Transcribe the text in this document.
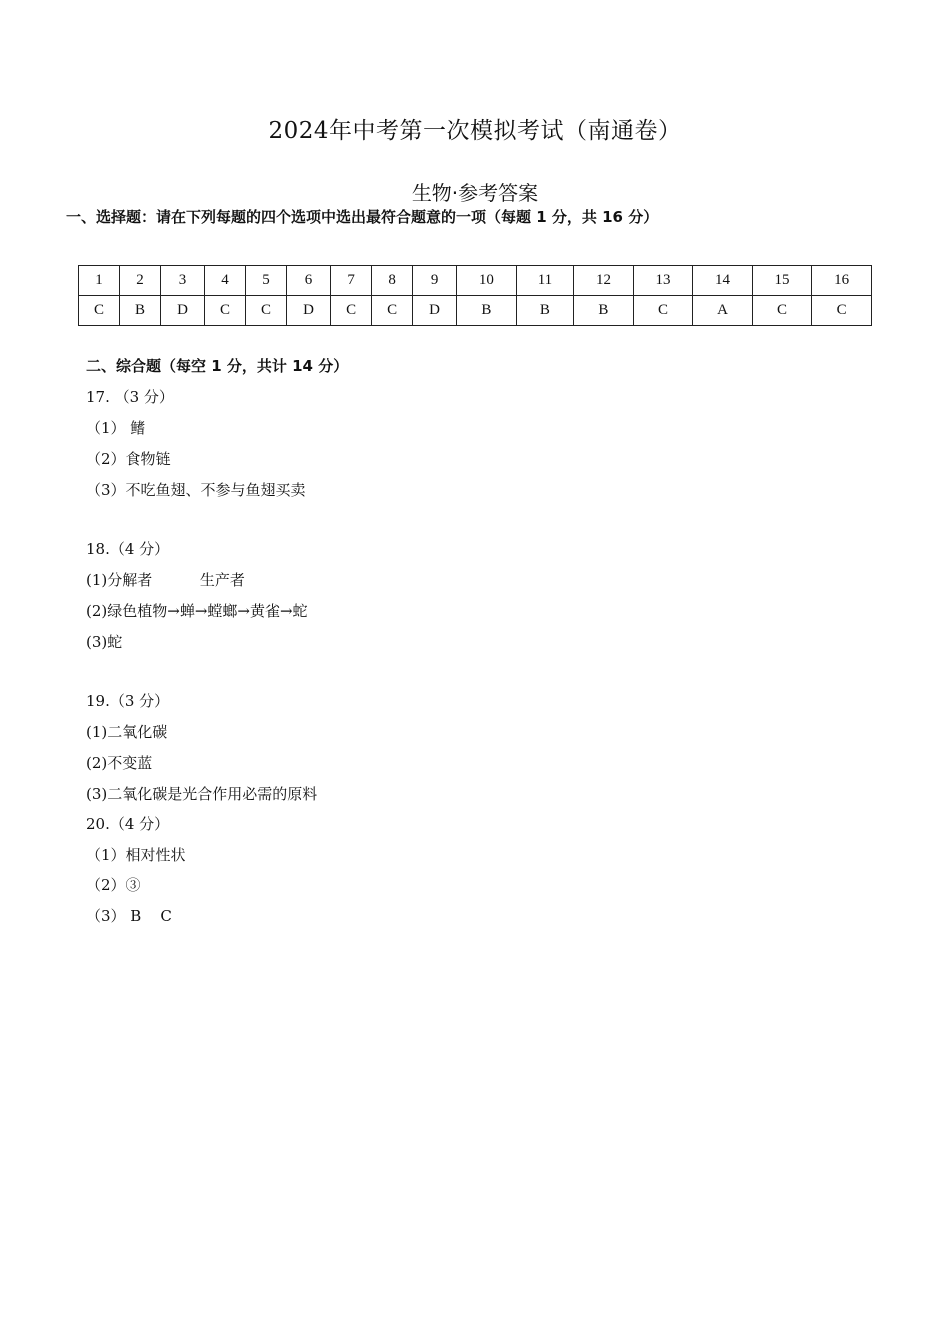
2024年中考第一次模拟考试（南通卷）
生物·参考答案
一、选择题：请在下列每题的四个选项中选出最符合题意的一项（每题 1 分，共 16 分）
1	2	3	4	5	6	7	8	9	10	11	12	13	14	15	16
C	B	D	C	C	D	C	C	D	B	B	B	C	A	C	C
二、综合题（每空 1 分，共计 14 分）
17. （3 分）
（1） 鳍
（2）食物链
（3）不吃鱼翅、不参与鱼翅买卖
18.（4 分）
(1)分解者          生产者
(2)绿色植物→蝉→螳螂→黄雀→蛇
(3)蛇
19.（3 分）
(1)二氧化碳
(2)不变蓝
(3)二氧化碳是光合作用必需的原料
20.（4 分）
（1）相对性状
（2）③
（3） B    C
